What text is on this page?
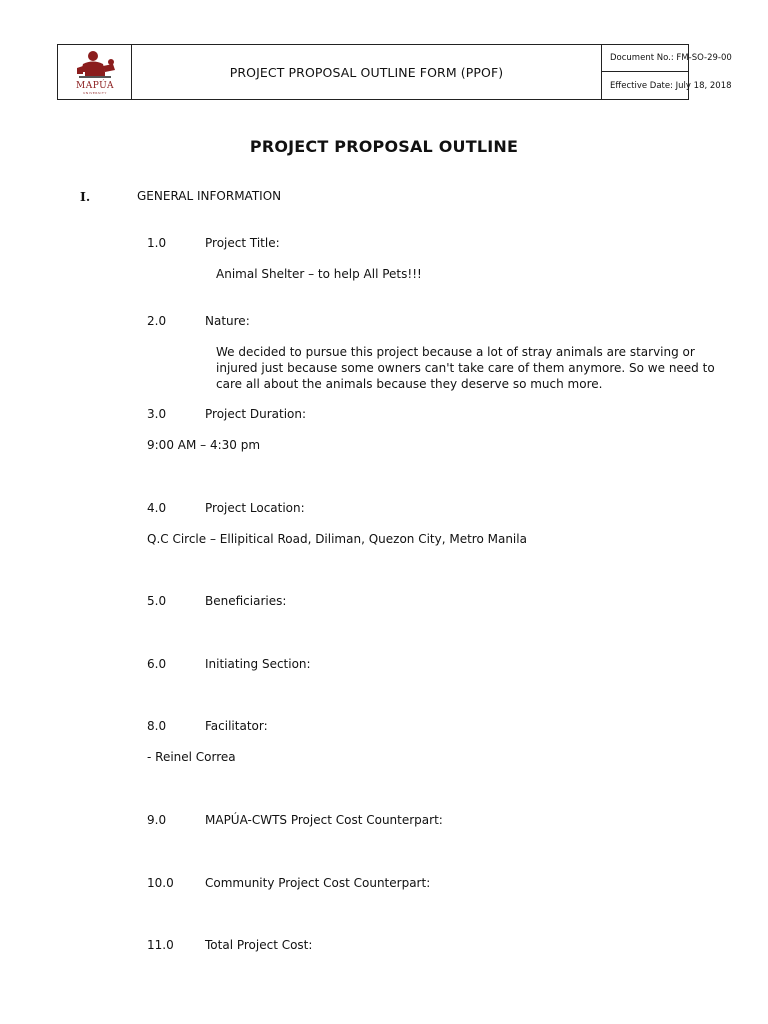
MAPÚA
UNIVERSITY
PROJECT PROPOSAL OUTLINE FORM (PPOF)
Document No.: FM-SO-29-00
Effective Date: July 18, 2018
PROJECT PROPOSAL OUTLINE
I.	GENERAL INFORMATION
1.0	Project Title:
Animal Shelter – to help All Pets!!!
2.0	Nature:
We decided to pursue this project because a lot of stray animals are starving or injured just because some owners can't take care of them anymore. So we need to care all about the animals because they deserve so much more.
3.0	Project Duration:
9:00 AM – 4:30 pm
4.0	Project Location:
Q.C Circle – Ellipitical Road, Diliman, Quezon City, Metro Manila
5.0	Beneficiaries:
6.0	Initiating Section:
8.0	Facilitator:
- Reinel Correa
9.0	MAPÚA-CWTS Project Cost Counterpart:
10.0	Community Project Cost Counterpart:
11.0	Total Project Cost:
